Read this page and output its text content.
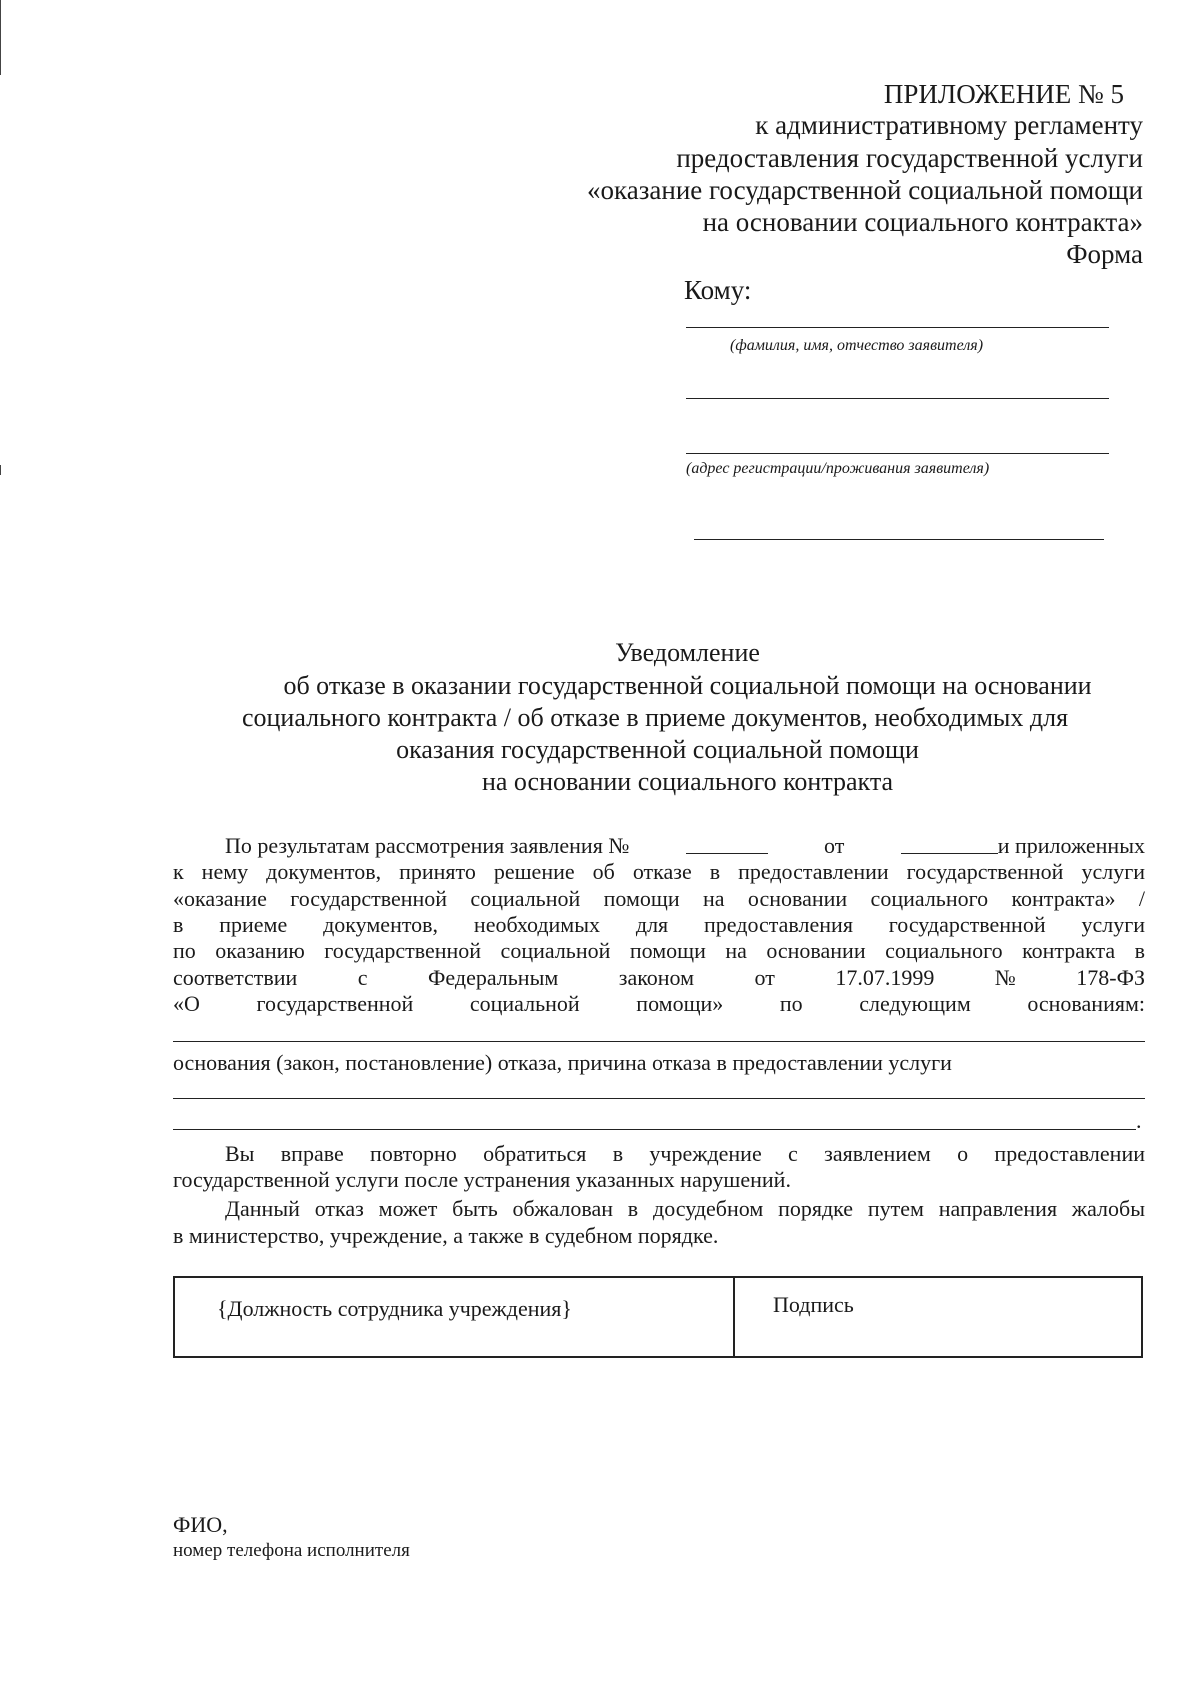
ПРИЛОЖЕНИЕ № 5
к административному регламенту
предоставления государственной услуги
«оказание государственной социальной помощи
на основании социального контракта»
Форма
Кому:
(фамилия, имя, отчество заявителя)
(адрес регистрации/проживания заявителя)
Уведомление
об отказе в оказании государственной социальной помощи на основании
социального контракта / об отказе в приеме документов, необходимых для
оказания государственной социальной помощи
на основании социального контракта
По результатам рассмотрения заявления №	от	и приложенных
к нему документов, принято решение об отказе в предоставлении государственной услуги
«оказание государственной социальной помощи на основании социального контракта» /
в приеме документов, необходимых для предоставления государственной услуги
по оказанию государственной социальной помощи на основании социального контракта в
соответствии	с	Федеральным	законом	от	17.07.1999	№	178-ФЗ
«О	государственной	социальной	помощи»	по	следующим	основаниям:
основания (закон, постановление) отказа, причина отказа в предоставлении услуги
.
Вы вправе повторно обратиться в учреждение с заявлением о предоставлении
государственной услуги после устранения указанных нарушений.
Данный отказ может быть обжалован в досудебном порядке путем направления жалобы
в министерство, учреждение, а также в судебном порядке.
{Должность сотрудника учреждения}	Подпись
ФИО,
номер телефона исполнителя
